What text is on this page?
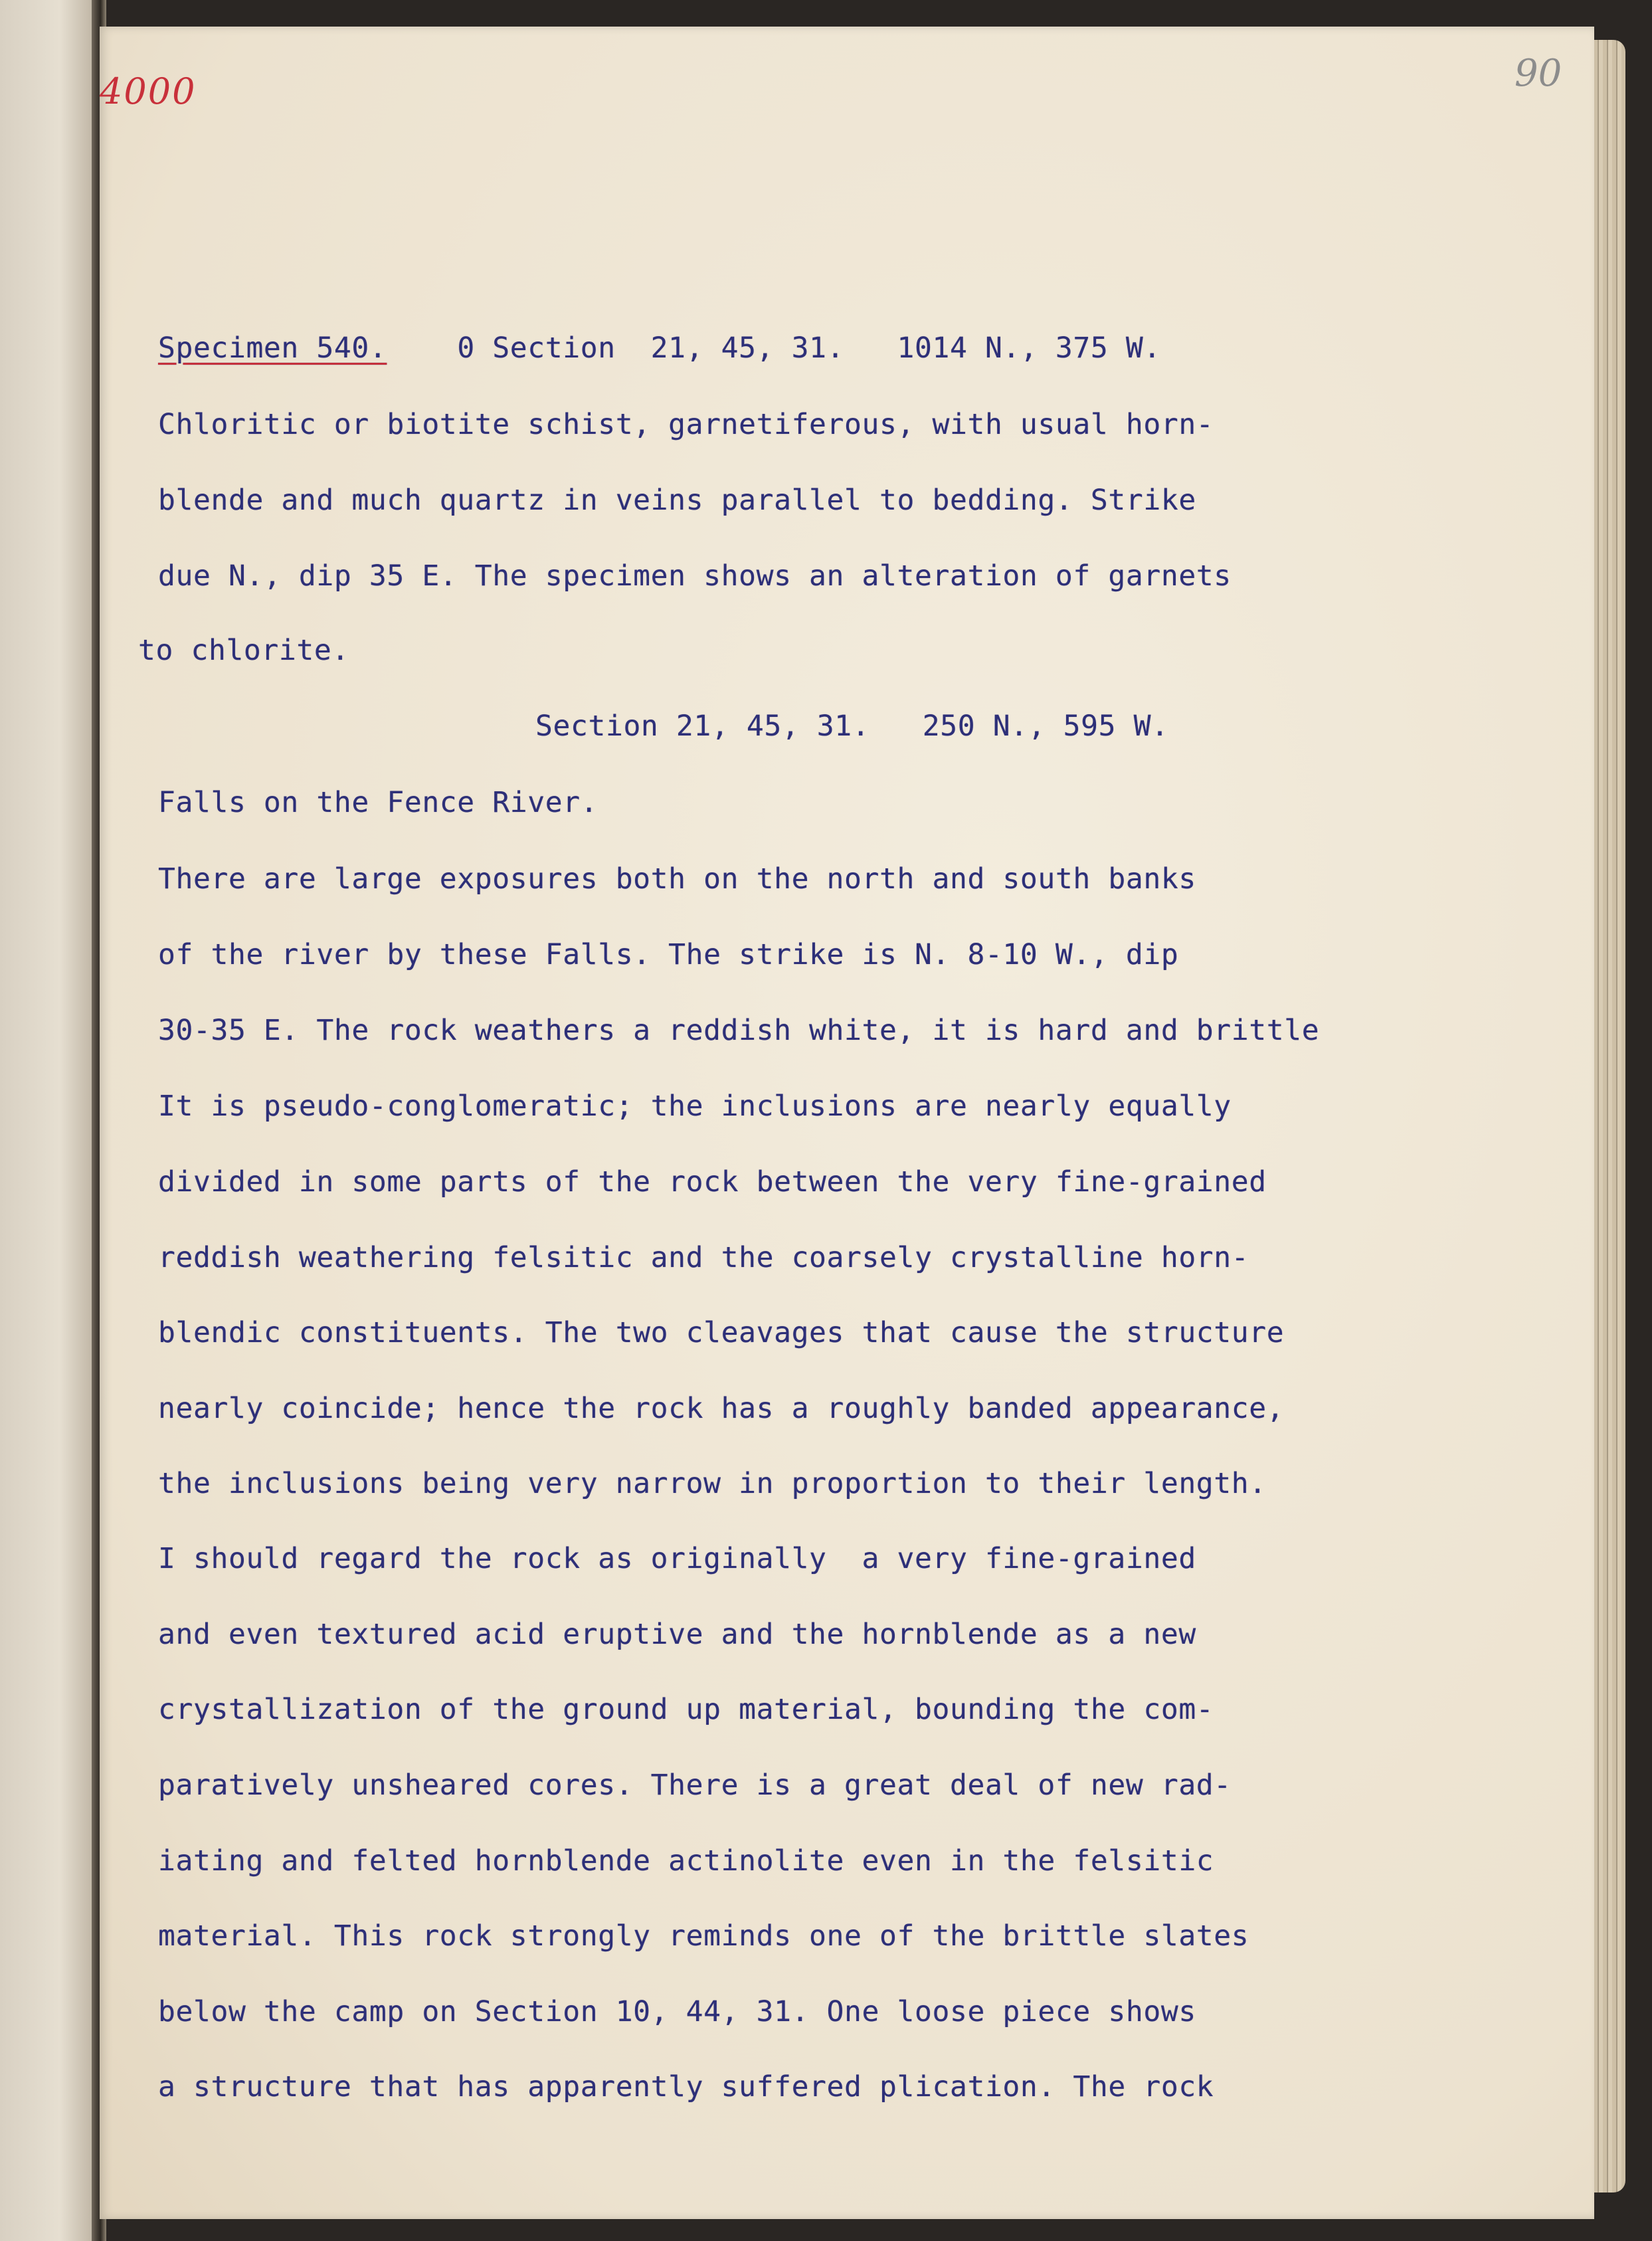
4000	90

Specimen 540. 0 Section  21, 45, 31.   1014 N., 375 W.

Chloritic or biotite schist, garnetiferous, with usual horn-

blende and much quartz in veins parallel to bedding. Strike

due N., dip 35 E. The specimen shows an alteration of garnets

to chlorite.

Section 21, 45, 31.   250 N., 595 W.

Falls on the Fence River.

There are large exposures both on the north and south banks

of the river by these Falls. The strike is N. 8-10 W., dip

30-35 E. The rock weathers a reddish white, it is hard and brittle

It is pseudo-conglomeratic; the inclusions are nearly equally

divided in some parts of the rock between the very fine-grained

reddish weathering felsitic and the coarsely crystalline horn-

blendic constituents. The two cleavages that cause the structure

nearly coincide; hence the rock has a roughly banded appearance,

the inclusions being very narrow in proportion to their length.

I should regard the rock as originally  a very fine-grained

and even textured acid eruptive and the hornblende as a new

crystallization of the ground up material, bounding the com-

paratively unsheared cores. There is a great deal of new rad-

iating and felted hornblende actinolite even in the felsitic

material. This rock strongly reminds one of the brittle slates

below the camp on Section 10, 44, 31. One loose piece shows

a structure that has apparently suffered plication. The rock
